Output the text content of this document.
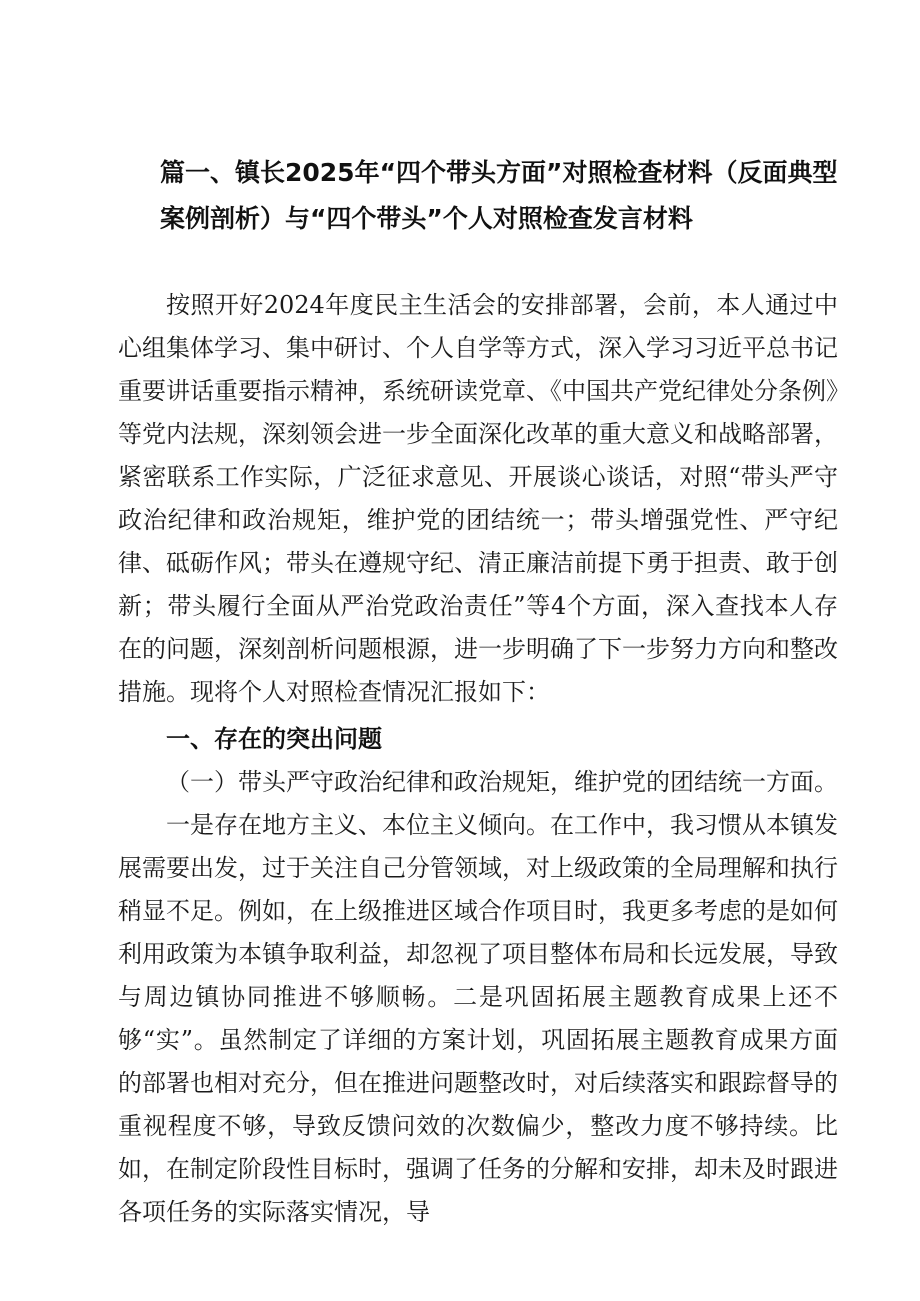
篇一、镇长2025年“四个带头方面”对照检查材料（反面典型案例剖析）与“四个带头”个人对照检查发言材料

按照开好2024年度民主生活会的安排部署，会前，本人通过中心组集体学习、集中研讨、个人自学等方式，深入学习习近平总书记重要讲话重要指示精神，系统研读党章、《中国共产党纪律处分条例》等党内法规，深刻领会进一步全面深化改革的重大意义和战略部署，紧密联系工作实际，广泛征求意见、开展谈心谈话，对照“带头严守政治纪律和政治规矩，维护党的团结统一；带头增强党性、严守纪律、砥砺作风；带头在遵规守纪、清正廉洁前提下勇于担责、敢于创新；带头履行全面从严治党政治责任”等4个方面，深入查找本人存在的问题，深刻剖析问题根源，进一步明确了下一步努力方向和整改措施。现将个人对照检查情况汇报如下：

一、存在的突出问题

（一）带头严守政治纪律和政治规矩，维护党的团结统一方面。

一是存在地方主义、本位主义倾向。在工作中，我习惯从本镇发展需要出发，过于关注自己分管领域，对上级政策的全局理解和执行稍显不足。例如，在上级推进区域合作项目时，我更多考虑的是如何利用政策为本镇争取利益，却忽视了项目整体布局和长远发展，导致与周边镇协同推进不够顺畅。二是巩固拓展主题教育成果上还不够“实”。虽然制定了详细的方案计划，巩固拓展主题教育成果方面的部署也相对充分，但在推进问题整改时，对后续落实和跟踪督导的重视程度不够，导致反馈问效的次数偏少，整改力度不够持续。比如，在制定阶段性目标时，强调了任务的分解和安排，却未及时跟进各项任务的实际落实情况，导
